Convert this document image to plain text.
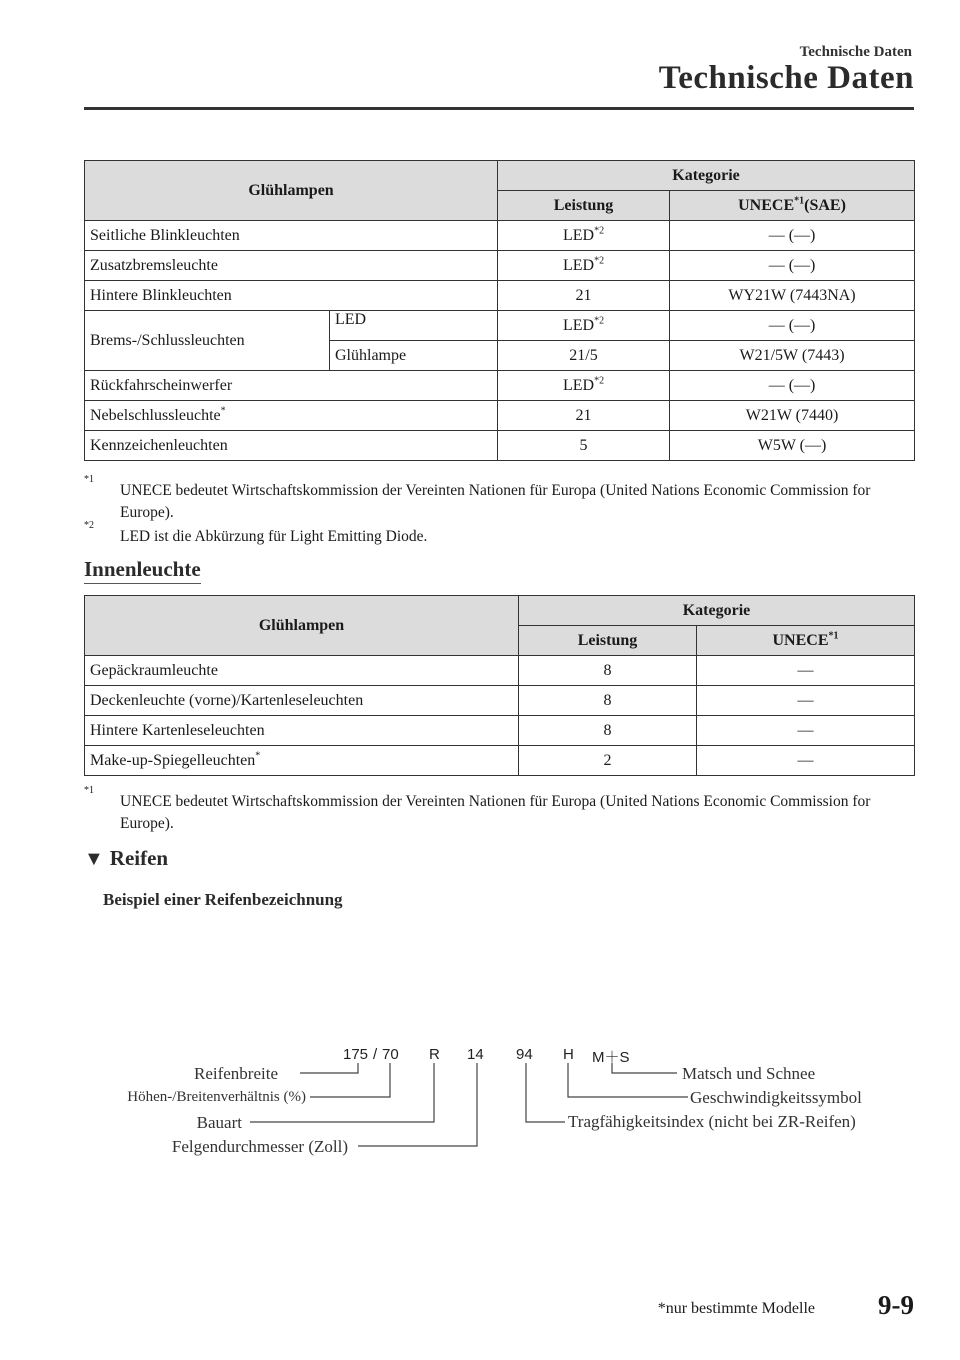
Technische Daten
Technische Daten
Glühlampen		Kategorie	
		Leistung	UNECE$^{*1}$(SAE)
Seitliche Blinkleuchten		LED$^{*2}$	— (—)
Zusatzbremsleuchte		LED$^{*2}$	— (—)
Hintere Blinkleuchten		21	WY21W (7443NA)
Brems-/Schlussleuchten	LED	LED$^{*2}$	— (—)
	Glühlampe	21/5	W21/5W (7443)
Rückfahrscheinwerfer		LED$^{*2}$	— (—)
Nebelschlussleuchte*		21	W21W (7440)
Kennzeichenleuchten		5	W5W (—)
*1
UNECE bedeutet Wirtschaftskommission der Vereinten Nationen für Europa (United Nations Economic Commission for Europe).
*2
LED ist die Abkürzung für Light Emitting Diode.
Innenleuchte
Glühlampen	Kategorie	
	Leistung	UNECE$^{*1}$
Gepäckraumleuchte	8	—
Deckenleuchte (vorne)/Kartenleseleuchten	8	—
Hintere Kartenleseleuchten	8	—
Make-up-Spiegelleuchten*	2	—
*1
UNECE bedeutet Wirtschaftskommission der Vereinten Nationen für Europa (United Nations Economic Commission for Europe).
▼ Reifen
Beispiel einer Reifenbezeichnung
175 / 70 R 14 94 H M＋S
Reifenbreite
Höhen-/Breitenverhältnis (%)
Bauart
Felgendurchmesser (Zoll)
Matsch und Schnee
Geschwindigkeitssymbol
Tragfähigkeitsindex (nicht bei ZR-Reifen)
*nur bestimmte Modelle 9-9
